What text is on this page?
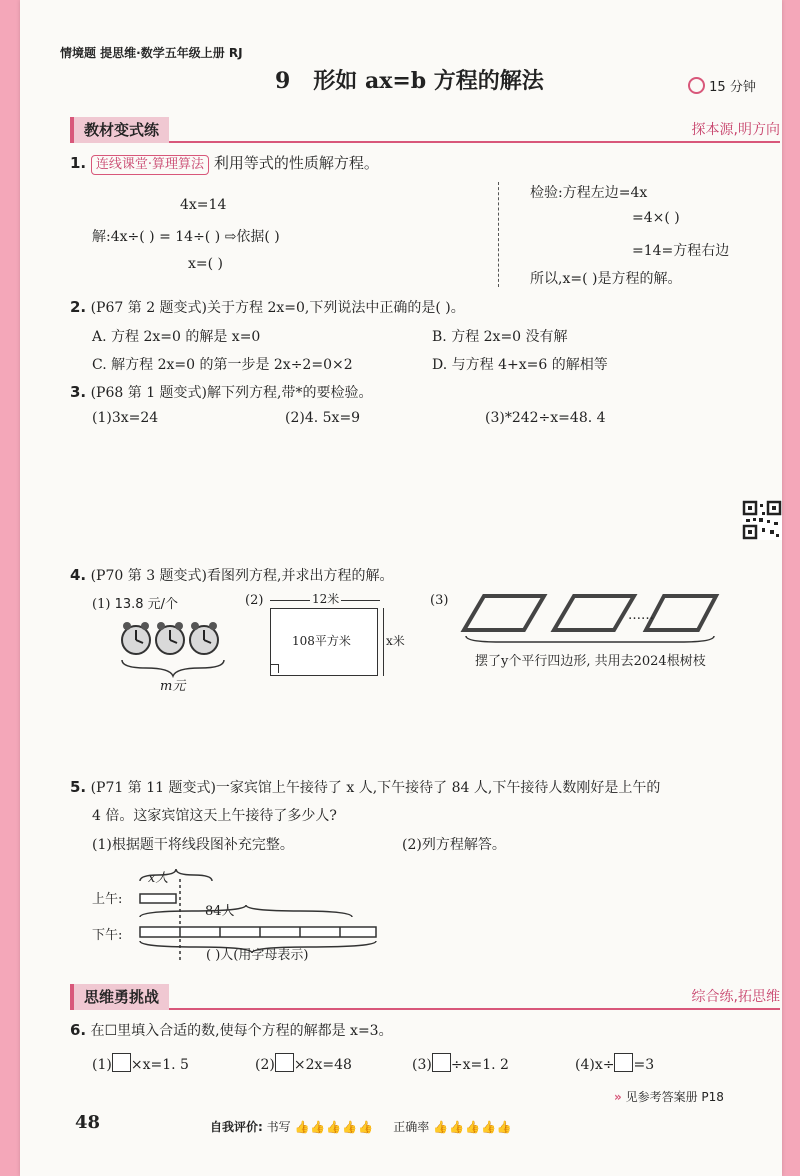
情境题 提思维·数学五年级上册 RJ
9 形如 ax=b 方程的解法	15 分钟
教材变式练	探本源,明方向
1. 连线课堂·算理算法 利用等式的性质解方程。
4x=14
解:4x÷( ) = 14÷( ) ⇨依据( )
x=( )
检验:方程左边=4x
=4×( )
=14=方程右边
所以,x=( )是方程的解。
2. (P67 第 2 题变式)关于方程 2x=0,下列说法中正确的是( )。
A. 方程 2x=0 的解是 x=0	B. 方程 2x=0 没有解
C. 解方程 2x=0 的第一步是 2x÷2=0×2	D. 与方程 4+x=6 的解相等
3. (P68 第 1 题变式)解下列方程,带*的要检验。
(1)3x=24	(2)4. 5x=9	(3)*242÷x=48. 4
4. (P70 第 3 题变式)看图列方程,并求出方程的解。
(1) 13.8 元/个
m元
(2)	12米
108平方米	x米
(3)
……
摆了y个平行四边形, 共用去2024根树枝
5. (P71 第 11 题变式)一家宾馆上午接待了 x 人,下午接待了 84 人,下午接待人数刚好是上午的
4 倍。这家宾馆这天上午接待了多少人?
(1)根据题干将线段图补充完整。	(2)列方程解答。
上午:
x人
下午:
84人
( )人(用字母表示)
思维勇挑战	综合练,拓思维
6. 在☐里填入合适的数,使每个方程的解都是 x=3。
(1) ×x=1. 5	(2) ×2x=48	(3) ÷x=1. 2	(4)x÷ =3
» 见参考答案册 P18
48	自我评价: 书写 👍👍👍👍👍 正确率 👍👍👍👍👍
